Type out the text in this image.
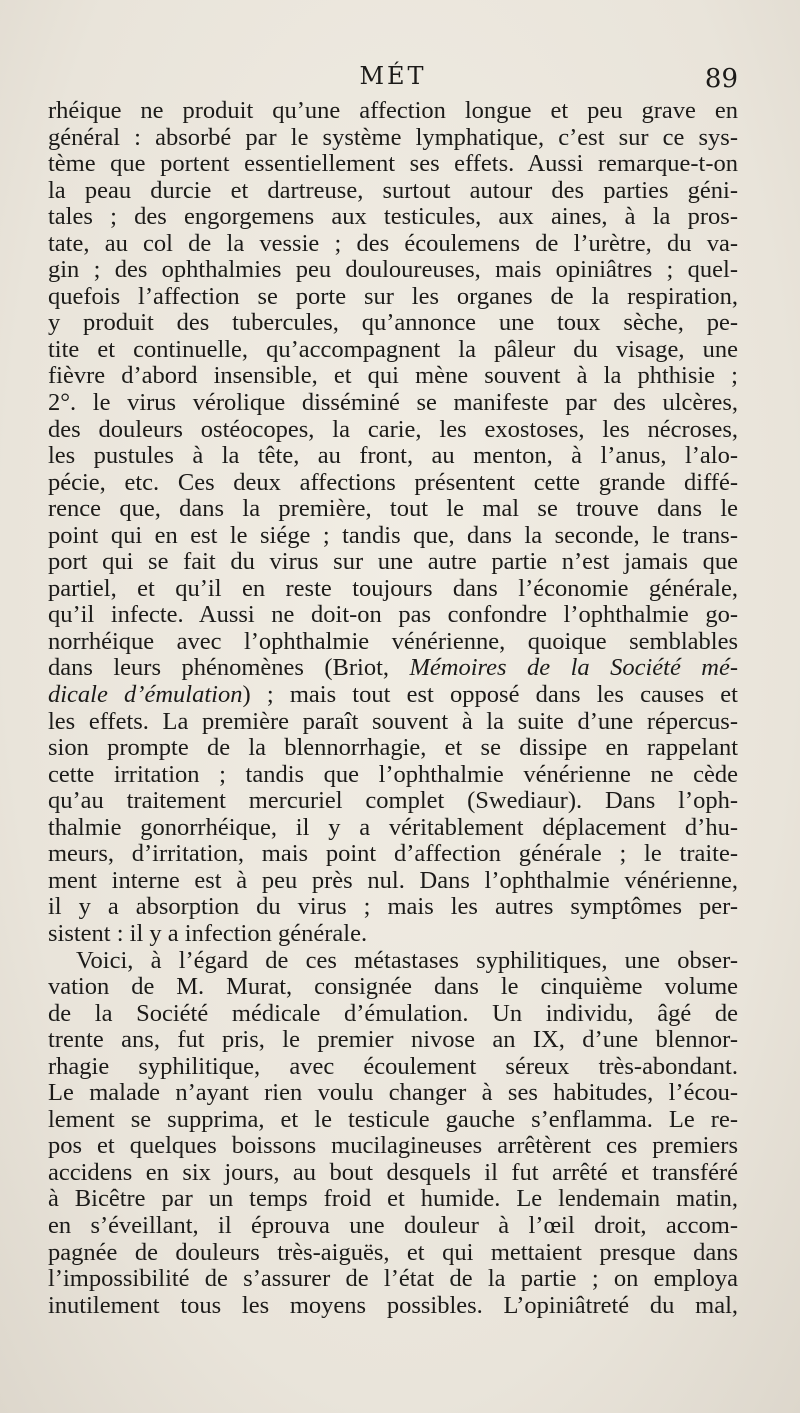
MÉT	89
rhéique ne produit qu’une affection longue et peu grave en
général : absorbé par le système lymphatique, c’est sur ce sys-
tème que portent essentiellement ses effets. Aussi remarque-t-on
la peau durcie et dartreuse, surtout autour des parties géni-
tales ; des engorgemens aux testicules, aux aines, à la pros-
tate, au col de la vessie ; des écoulemens de l’urètre, du va-
gin ; des ophthalmies peu douloureuses, mais opiniâtres ; quel-
quefois l’affection se porte sur les organes de la respiration,
y produit des tubercules, qu’annonce une toux sèche, pe-
tite et continuelle, qu’accompagnent la pâleur du visage, une
fièvre d’abord insensible, et qui mène souvent à la phthisie ;
2°. le virus vérolique disséminé se manifeste par des ulcères,
des douleurs ostéocopes, la carie, les exostoses, les nécroses,
les pustules à la tête, au front, au menton, à l’anus, l’alo-
pécie, etc. Ces deux affections présentent cette grande diffé-
rence que, dans la première, tout le mal se trouve dans le
point qui en est le siége ; tandis que, dans la seconde, le trans-
port qui se fait du virus sur une autre partie n’est jamais que
partiel, et qu’il en reste toujours dans l’économie générale,
qu’il infecte. Aussi ne doit-on pas confondre l’ophthalmie go-
norrhéique avec l’ophthalmie vénérienne, quoique semblables
dans leurs phénomènes (Briot, Mémoires de la Société mé-
dicale d’émulation) ; mais tout est opposé dans les causes et
les effets. La première paraît souvent à la suite d’une répercus-
sion prompte de la blennorrhagie, et se dissipe en rappelant
cette irritation ; tandis que l’ophthalmie vénérienne ne cède
qu’au traitement mercuriel complet (Swediaur). Dans l’oph-
thalmie gonorrhéique, il y a véritablement déplacement d’hu-
meurs, d’irritation, mais point d’affection générale ; le traite-
ment interne est à peu près nul. Dans l’ophthalmie vénérienne,
il y a absorption du virus ; mais les autres symptômes per-
sistent : il y a infection générale.
Voici, à l’égard de ces métastases syphilitiques, une obser-
vation de M. Murat, consignée dans le cinquième volume
de la Société médicale d’émulation. Un individu, âgé de
trente ans, fut pris, le premier nivose an IX, d’une blennor-
rhagie syphilitique, avec écoulement séreux très-abondant.
Le malade n’ayant rien voulu changer à ses habitudes, l’écou-
lement se supprima, et le testicule gauche s’enflamma. Le re-
pos et quelques boissons mucilagineuses arrêtèrent ces premiers
accidens en six jours, au bout desquels il fut arrêté et transféré
à Bicêtre par un temps froid et humide. Le lendemain matin,
en s’éveillant, il éprouva une douleur à l’œil droit, accom-
pagnée de douleurs très-aiguës, et qui mettaient presque dans
l’impossibilité de s’assurer de l’état de la partie ; on employa
inutilement tous les moyens possibles. L’opiniâtreté du mal,
